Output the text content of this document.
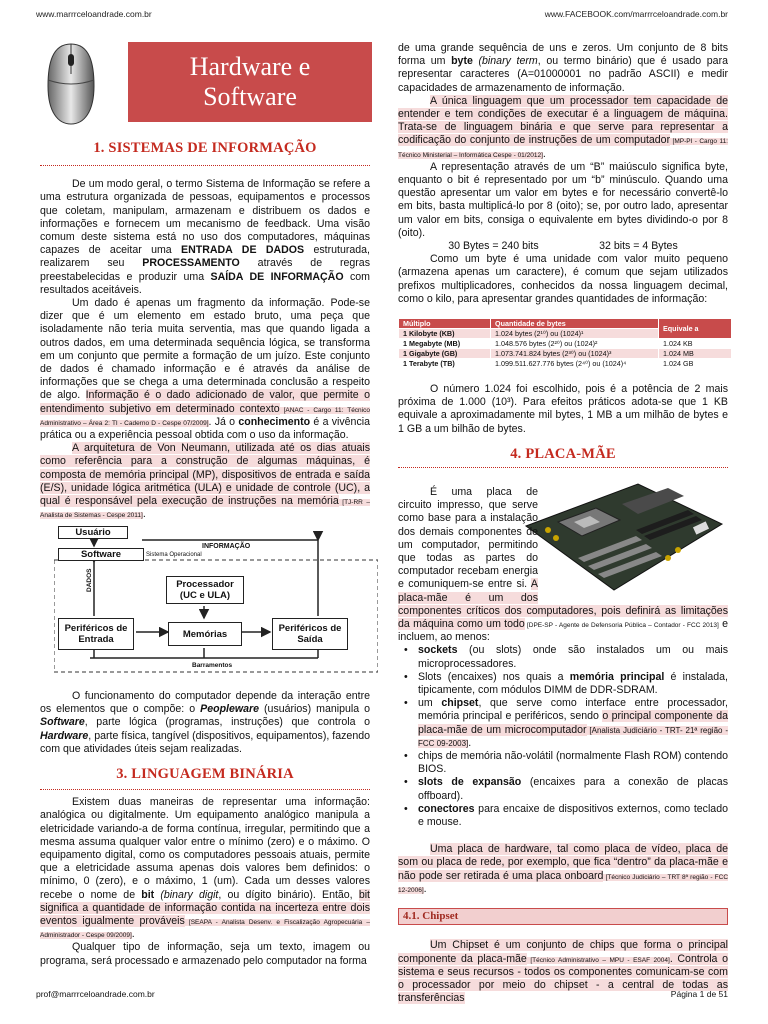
www.marrrceloandrade.com.br	www.FACEBOOK.com/marrrceloandrade.com.br
Hardware e
Software
1. SISTEMAS DE INFORMAÇÃO

De um modo geral, o termo Sistema de Informação se refere a uma estrutura organizada de pessoas, equipamentos e processos que coletam, manipulam, armazenam e distribuem os dados e informações e fornecem um mecanismo de feedback. Uma visão comum deste sistema está no uso dos computadores, máquinas capazes de aceitar uma ENTRADA DE DADOS estruturada, realizarem seu PROCESSAMENTO através de regras preestabelecidas e produzir uma SAÍDA DE INFORMAÇÃO com resultados aceitáveis.

Um dado é apenas um fragmento da informação. Pode-se dizer que é um elemento em estado bruto, uma peça que isoladamente não teria muita serventia, mas que quando ligada a outros dados, em uma determinada sequência lógica, se transforma em um conjunto que permite a formação de um juízo. Este conjunto de dados é chamado informação e é através da análise de informações que se chega a uma determinada conclusão a respeito de algo. Informação é o dado adicionado de valor, que permite o entendimento subjetivo em determinado contexto [ANAC - Cargo 11: Técnico Administrativo – Área 2: TI - Caderno D - Cespe 07/2009]. Já o conhecimento é a vivência prática ou a experiência pessoal obtida com o uso da informação.

A arquitetura de Von Neumann, utilizada até os dias atuais como referência para a construção de algumas máquinas, é composta de memória principal (MP), dispositivos de entrada e saída (E/S), unidade lógica aritmética (ULA) e unidade de controle (UC), a qual é responsável pela execução de instruções na memória [TJ-RR – Analista de Sistemas - Cespe 2011].

Usuário
Software	Sistema Operacional
INFORMAÇÃO
DADOS	Processador (UC e ULA)
Memórias
Periféricos de Entrada
Periféricos de Saída
Barramentos

O funcionamento do computador depende da interação entre os elementos que o compõe: o Peopleware (usuários) manipula o Software, parte lógica (programas, instruções) que controla o Hardware, parte física, tangível (dispositivos, equipamentos), fazendo com que atividades úteis sejam realizadas.

3. LINGUAGEM BINÁRIA

Existem duas maneiras de representar uma informação: analógica ou digitalmente. Um equipamento analógico manipula a eletricidade variando-a de forma contínua, irregular, permitindo que a mesma assuma qualquer valor entre o mínimo (zero) e o máximo. O equipamento digital, como os computadores pessoais atuais, permite que a eletricidade assuma apenas dois valores bem definidos: o mínimo, 0 (zero), e o máximo, 1 (um). Cada um desses valores recebe o nome de bit (binary digit, ou dígito binário). Então, bit significa a quantidade de informação contida na incerteza entre dois eventos igualmente prováveis [SEAPA - Analista Desenv. e Fiscalização Agropecuária –Administrador - Cespe 09/2009].

Qualquer tipo de informação, seja um texto, imagem ou programa, será processado e armazenado pelo computador na forma

de uma grande sequência de uns e zeros. Um conjunto de 8 bits forma um byte (binary term, ou termo binário) que é usado para representar caracteres (A=01000001 no padrão ASCII) e medir capacidades de armazenamento de informação.

A única linguagem que um processador tem capacidade de entender e tem condições de executar é a linguagem de máquina. Trata-se de linguagem binária e que serve para representar a codificação do conjunto de instruções de um computador [MP-PI - Cargo 11: Técnico Ministerial – Informática Cespe - 01/2012].

A representação através de um “B” maiúsculo significa byte, enquanto o bit é representado por um “b” minúsculo. Quando uma questão apresentar um valor em bytes e for necessário convertê-lo em bits, basta multiplicá-lo por 8 (oito); se, por outro lado, apresentar um valor em bits, consiga o equivalente em bytes dividindo-o por 8 (oito).

30 Bytes = 240 bits	32 bits = 4 Bytes

Como um byte é uma unidade com valor muito pequeno (armazena apenas um caractere), é comum que sejam utilizados prefixos multiplicadores, conhecidos da nossa linguagem decimal, como o kilo, para apresentar grandes quantidades de informação:

Múltiplo	Quantidade de bytes	Equivale a
1 Kilobyte (KB)	1.024 bytes (2¹⁰) ou (1024)¹	
1 Megabyte (MB)	1.048.576 bytes (2²⁰) ou (1024)²	1.024 KB
1 Gigabyte (GB)	1.073.741.824 bytes (2³⁰) ou (1024)³	1.024 MB
1 Terabyte (TB)	1.099.511.627.776 bytes (2⁴⁰) ou (1024)⁴	1.024 GB

O número 1.024 foi escolhido, pois é a potência de 2 mais próxima de 1.000 (10³). Para efeitos práticos adota-se que 1 KB equivale a aproximadamente mil bytes, 1 MB a um milhão de bytes e 1 GB a um bilhão de bytes.

4. PLACA-MÃE
É uma placa de circuito impresso, que serve como base para a instalação dos demais componentes de um computador, permitindo que todas as partes do computador recebam energia e comuniquem-se entre si. A placa-mãe é um dos componentes críticos dos computadores, pois definirá as limitações da máquina como um todo [DPE-SP - Agente de Defensoria Pública – Contador - FCC 2013] e incluem, ao menos:
• sockets (ou slots) onde são instalados um ou mais microprocessadores.
• Slots (encaixes) nos quais a memória principal é instalada, tipicamente, com módulos DIMM de DDR-SDRAM.
• um chipset, que serve como interface entre processador, memória principal e periféricos, sendo o principal componente da placa-mãe de um microcomputador [Analista Judiciário - TRT- 21ª região - FCC 09-2003].
• chips de memória não-volátil (normalmente Flash ROM) contendo BIOS.
• slots de expansão (encaixes para a conexão de placas offboard).
• conectores para encaixe de dispositivos externos, como teclado e mouse.

Uma placa de hardware, tal como placa de vídeo, placa de som ou placa de rede, por exemplo, que fica “dentro” da placa-mãe e não pode ser retirada é uma placa onboard [Técnico Judiciário – TRT 8ª região - FCC 12-2006].

4.1. Chipset

Um Chipset é um conjunto de chips que forma o principal componente da placa-mãe [Técnico Administrativo – MPU - ESAF 2004]. Controla o sistema e seus recursos - todos os componentes comunicam-se com o processador por meio do chipset - a central de todas as transferências

prof@marrrceloandrade.com.br	Página 1 de 51
